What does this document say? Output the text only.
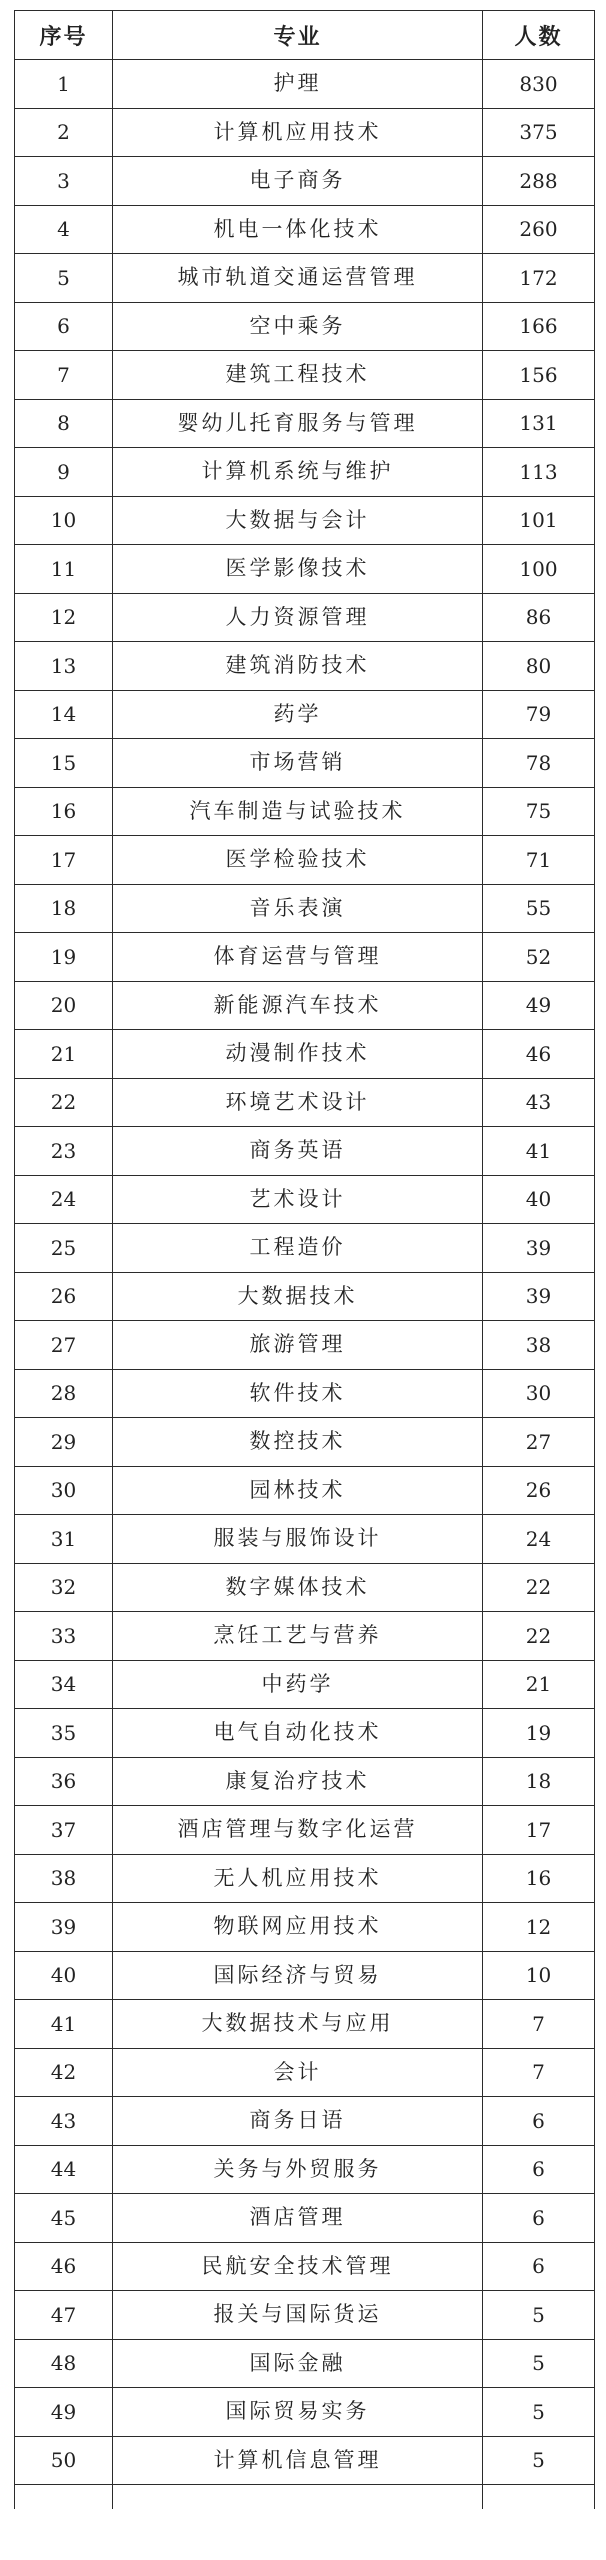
序号	专业	人数
1	护理	830
2	计算机应用技术	375
3	电子商务	288
4	机电一体化技术	260
5	城市轨道交通运营管理	172
6	空中乘务	166
7	建筑工程技术	156
8	婴幼儿托育服务与管理	131
9	计算机系统与维护	113
10	大数据与会计	101
11	医学影像技术	100
12	人力资源管理	86
13	建筑消防技术	80
14	药学	79
15	市场营销	78
16	汽车制造与试验技术	75
17	医学检验技术	71
18	音乐表演	55
19	体育运营与管理	52
20	新能源汽车技术	49
21	动漫制作技术	46
22	环境艺术设计	43
23	商务英语	41
24	艺术设计	40
25	工程造价	39
26	大数据技术	39
27	旅游管理	38
28	软件技术	30
29	数控技术	27
30	园林技术	26
31	服装与服饰设计	24
32	数字媒体技术	22
33	烹饪工艺与营养	22
34	中药学	21
35	电气自动化技术	19
36	康复治疗技术	18
37	酒店管理与数字化运营	17
38	无人机应用技术	16
39	物联网应用技术	12
40	国际经济与贸易	10
41	大数据技术与应用	7
42	会计	7
43	商务日语	6
44	关务与外贸服务	6
45	酒店管理	6
46	民航安全技术管理	6
47	报关与国际货运	5
48	国际金融	5
49	国际贸易实务	5
50	计算机信息管理	5
